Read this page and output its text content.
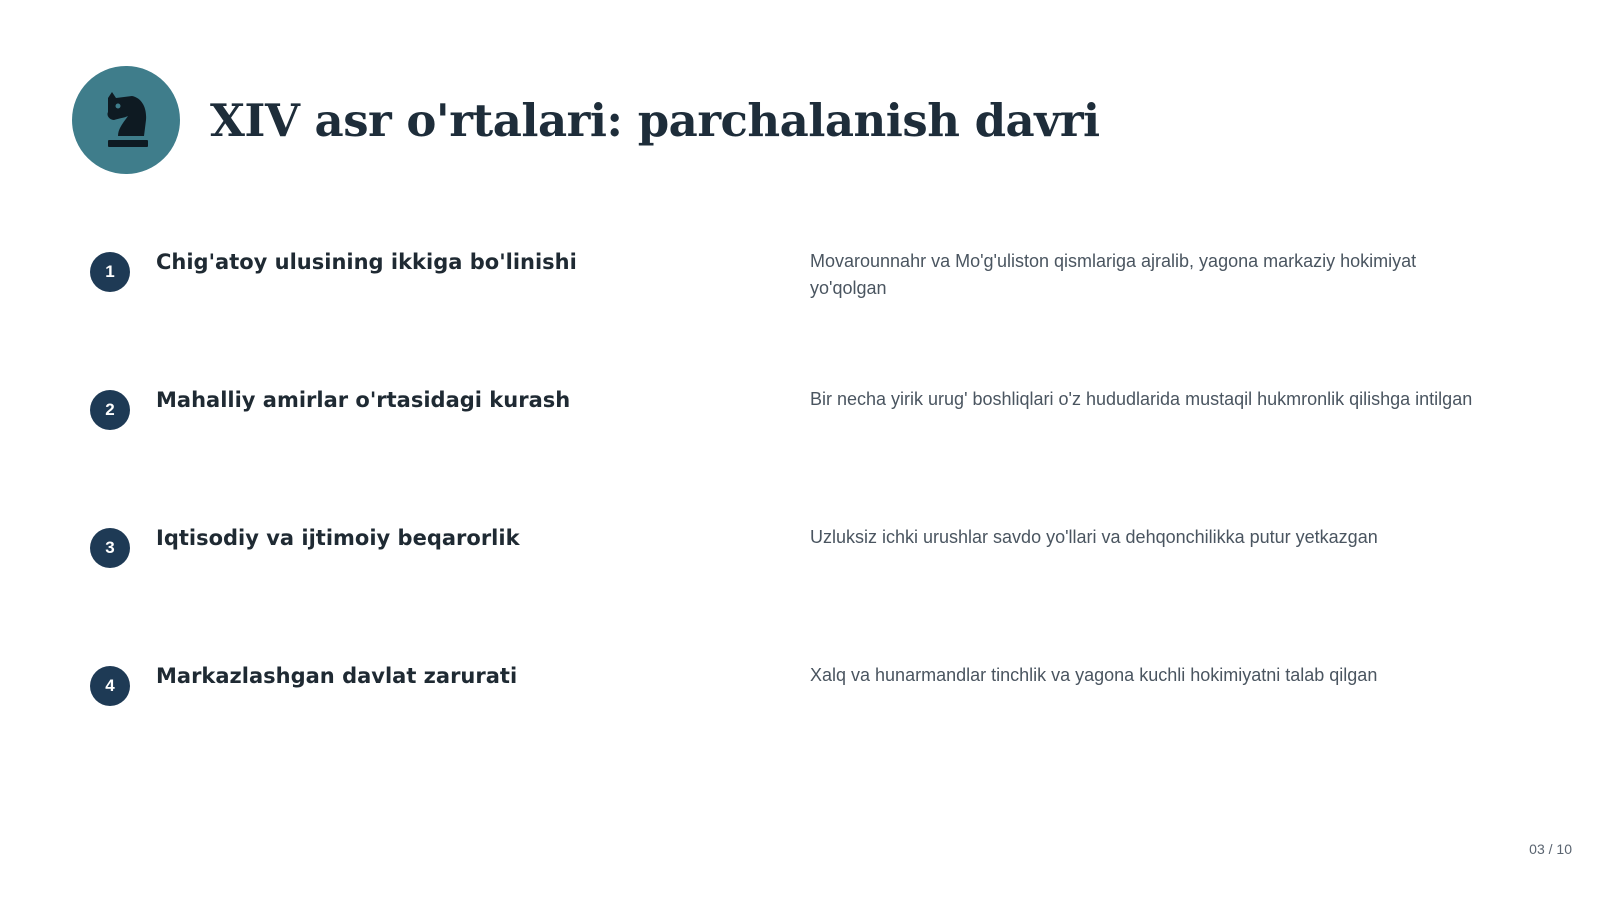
XIV asr o'rtalari: parchalanish davri
1	Chig'atoy ulusining ikkiga bo'linishi	Movarounnahr va Mo'g'uliston qismlariga ajralib, yagona markaziy hokimiyat yo'qolgan
2	Mahalliy amirlar o'rtasidagi kurash	Bir necha yirik urug' boshliqlari o'z hududlarida mustaqil hukmronlik qilishga intilgan
3	Iqtisodiy va ijtimoiy beqarorlik	Uzluksiz ichki urushlar savdo yo'llari va dehqonchilikka putur yetkazgan
4	Markazlashgan davlat zarurati	Xalq va hunarmandlar tinchlik va yagona kuchli hokimiyatni talab qilgan
03 / 10
